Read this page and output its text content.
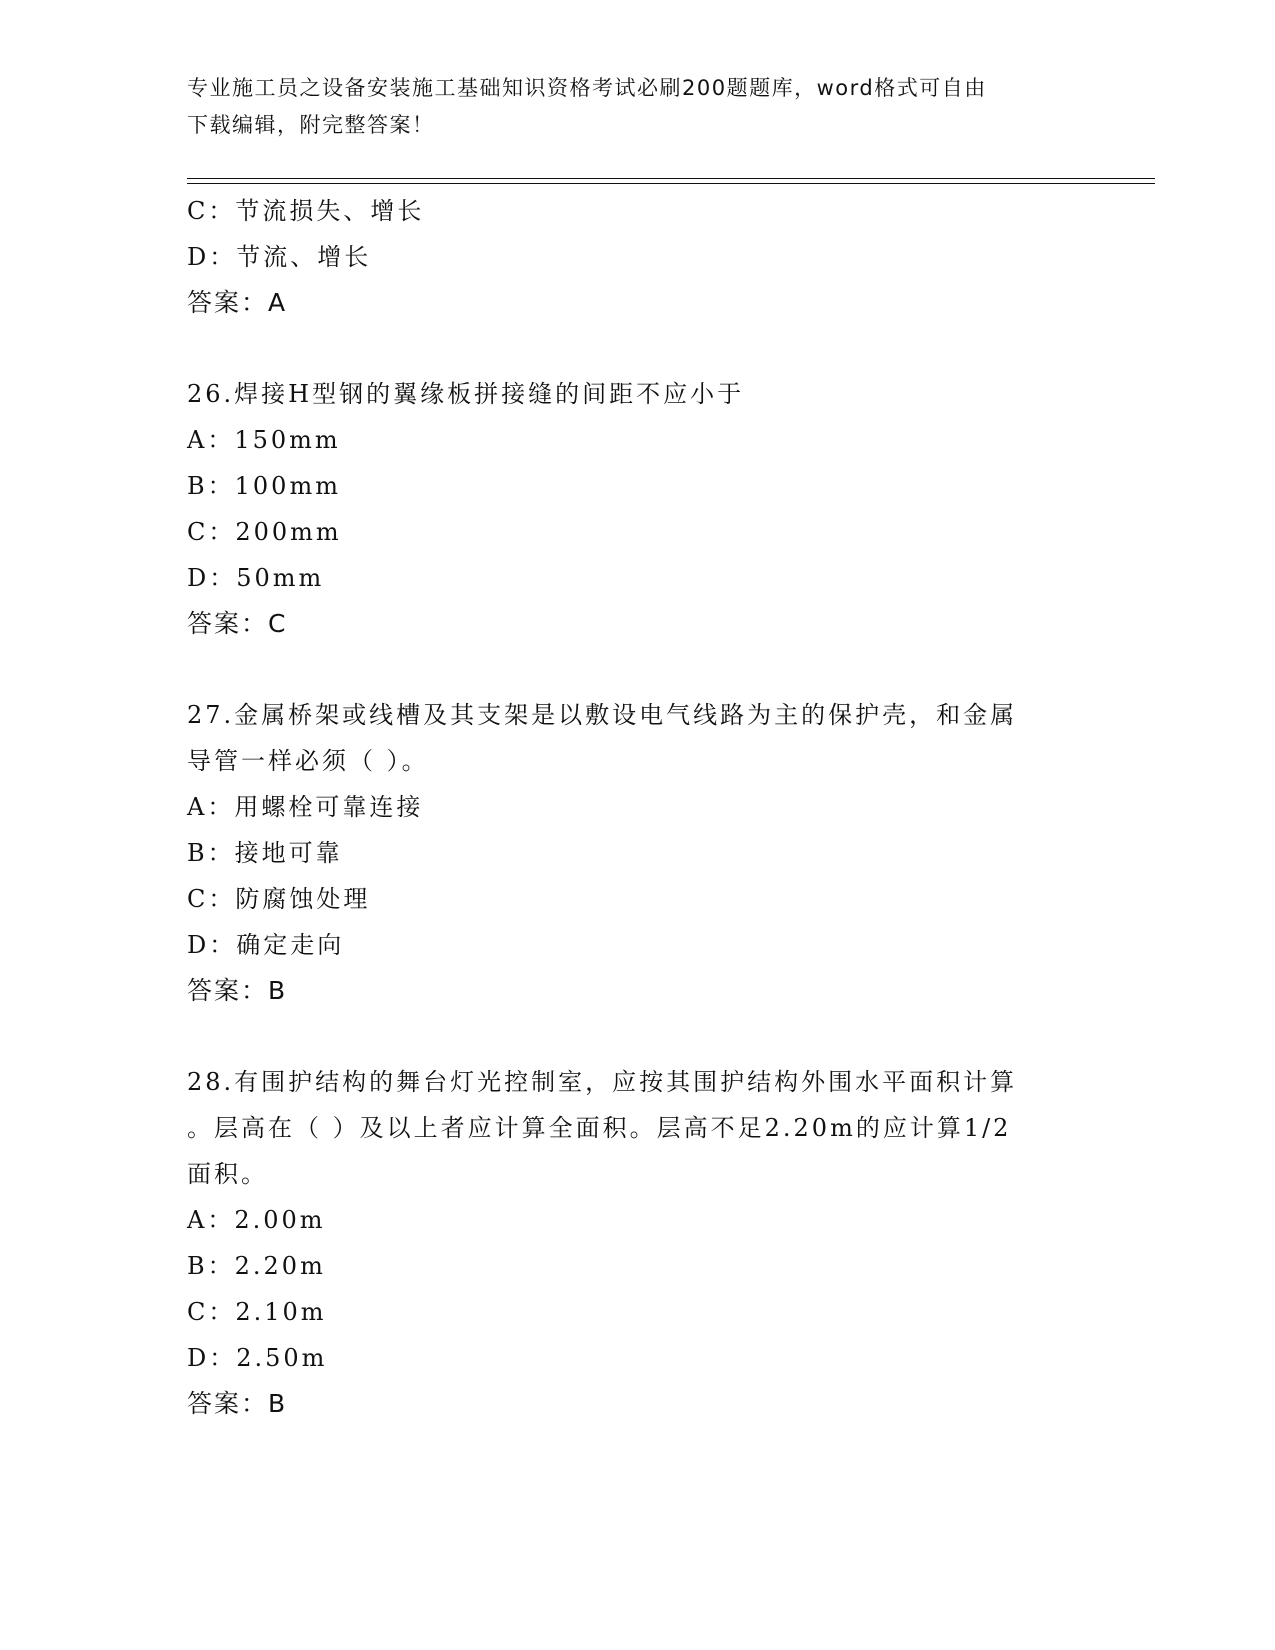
专业施工员之设备安装施工基础知识资格考试必刷200题题库，word格式可自由
下载编辑，附完整答案！
C：节流损失、增长
D：节流、增长
答案：A
26.焊接H型钢的翼缘板拼接缝的间距不应小于
A：150mm
B：100mm
C：200mm
D：50mm
答案：C
27.金属桥架或线槽及其支架是以敷设电气线路为主的保护壳，和金属
导管一样必须（ ）。
A：用螺栓可靠连接
B：接地可靠
C：防腐蚀处理
D：确定走向
答案：B
28.有围护结构的舞台灯光控制室，应按其围护结构外围水平面积计算
。层高在（ ）及以上者应计算全面积。层高不足2.20m的应计算1/2
面积。
A：2.00m
B：2.20m
C：2.10m
D：2.50m
答案：B
